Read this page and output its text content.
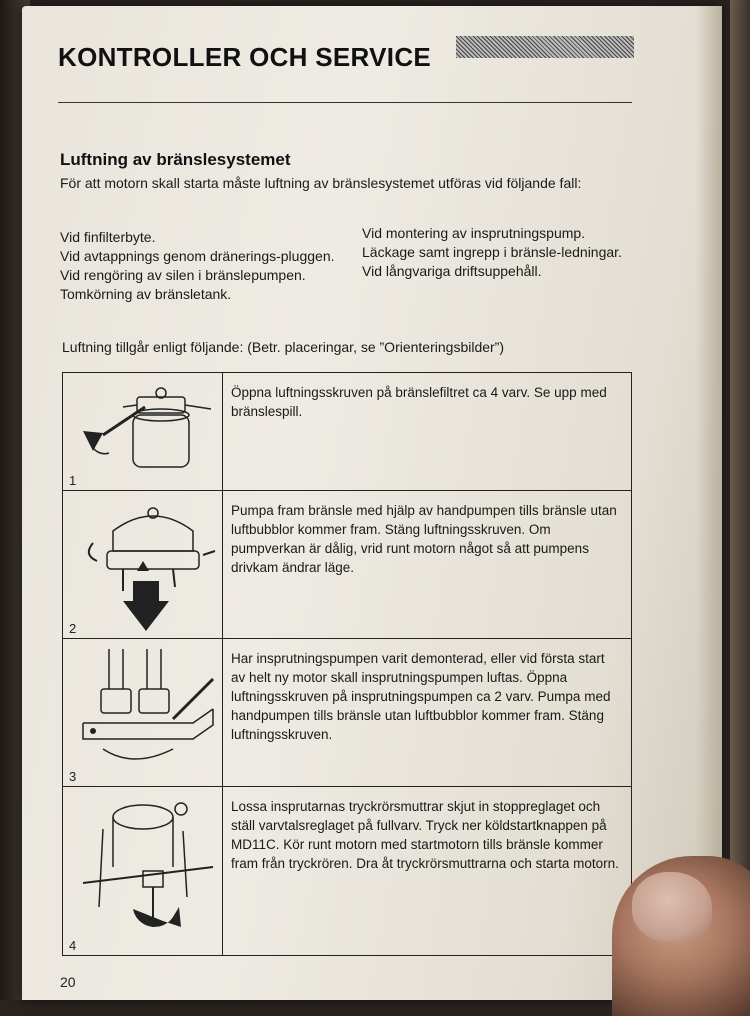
KONTROLLER OCH SERVICE
Luftning av bränslesystemet
För att motorn skall starta måste luftning av bränslesystemet utföras vid följande fall:

Vid finfilterbyte.

Vid avtappnings genom dränerings-pluggen.

Vid rengöring av silen i bränslepumpen.

Tomkörning av bränsletank.

Vid montering av insprutningspump.

Läckage samt ingrepp i bränsle-ledningar.

Vid långvariga driftsuppehåll.

Luftning tillgår enligt följande: (Betr. placeringar, se ”Orienteringsbilder”)
1
Öppna luftningsskruven på bränslefiltret ca 4 varv. Se upp med bränslespill.
2
Pumpa fram bränsle med hjälp av handpumpen tills bränsle utan luftbubblor kommer fram. Stäng luftningsskruven. Om pumpverkan är dålig, vrid runt motorn något så att pumpens drivkam ändrar läge.
3
Har insprutningspumpen varit demonterad, eller vid första start av helt ny motor skall insprutningspumpen luftas. Öppna luftningsskruven på insprutningspumpen ca 2 varv. Pumpa med handpumpen tills bränsle utan luftbubblor kommer fram. Stäng luftningsskruven.
4
Lossa insprutarnas tryckrörsmuttrar skjut in stoppreglaget och ställ varvtalsreglaget på fullvarv. Tryck ner köldstartknappen på MD11C. Kör runt motorn med startmotorn tills bränsle kommer fram från tryckrören. Dra åt tryckrörsmuttrarna och starta motorn.
20
